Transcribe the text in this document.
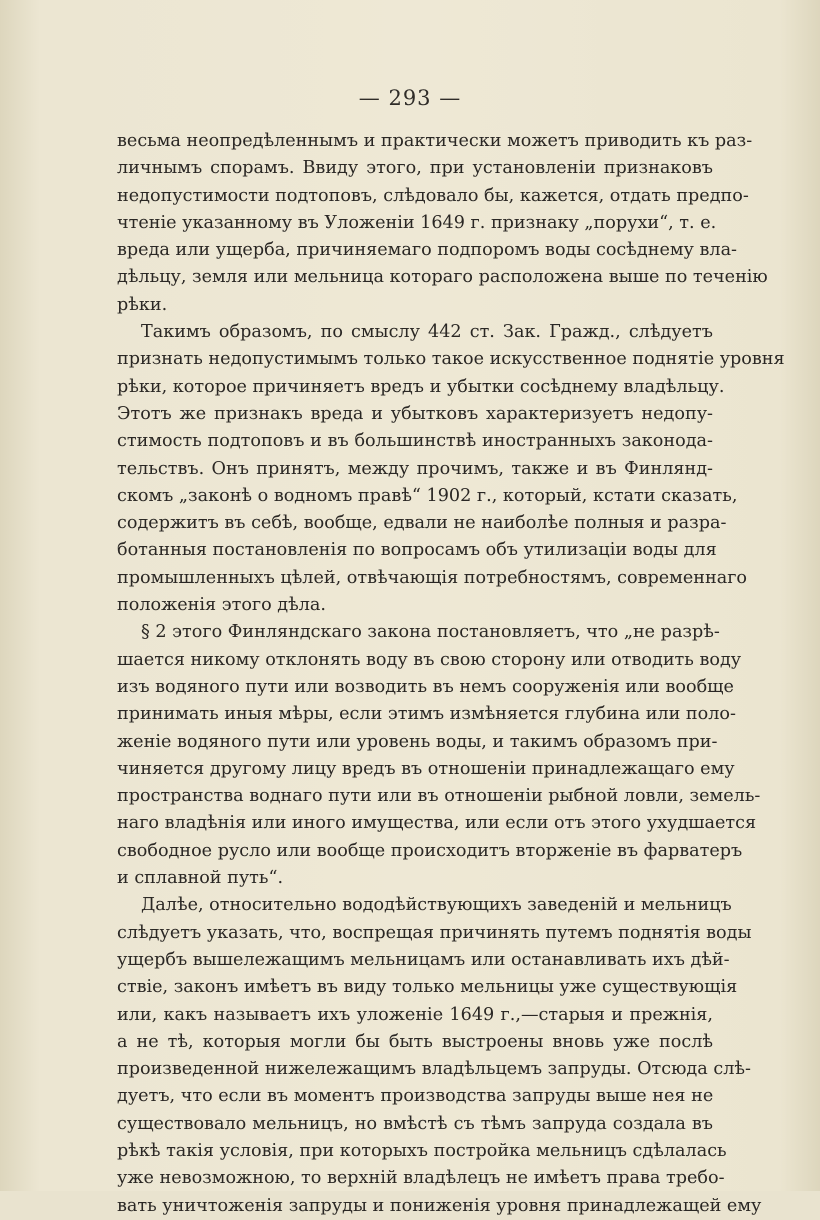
— 293 —
весьма неопредѣленнымъ и практически можетъ приводить къ раз-
личнымъ спорамъ. Ввиду этого, при установленіи признаковъ
недопустимости подтоповъ, слѣдовало бы, кажется, отдать предпо-
чтеніе указанному въ Уложеніи 1649 г. признаку „порухи“, т. е.
вреда или ущерба, причиняемаго подпоромъ воды сосѣднему вла-
дѣльцу, земля или мельница котораго расположена выше по теченію
рѣки.
Такимъ образомъ, по смыслу 442 ст. Зак. Гражд., слѣдуетъ
признать недопустимымъ только такое искусственное поднятіе уровня
рѣки, которое причиняетъ вредъ и убытки сосѣднему владѣльцу.
Этотъ же признакъ вреда и убытковъ характеризуетъ недопу-
стимость подтоповъ и въ большинствѣ иностранныхъ законода-
тельствъ. Онъ принятъ, между прочимъ, также и въ Финлянд-
скомъ „законѣ о водномъ правѣ“ 1902 г., который, кстати сказать,
содержитъ въ себѣ, вообще, едвали не наиболѣе полныя и разра-
ботанныя постановленія по вопросамъ объ утилизаціи воды для
промышленныхъ цѣлей, отвѣчающія потребностямъ, современнаго
положенія этого дѣла.
§ 2 этого Финляндскаго закона постановляетъ, что „не разрѣ-
шается никому отклонять воду въ свою сторону или отводить воду
изъ водяного пути или возводить въ немъ сооруженія или вообще
принимать иныя мѣры, если этимъ измѣняется глубина или поло-
женіе водяного пути или уровень воды, и такимъ образомъ при-
чиняется другому лицу вредъ въ отношеніи принадлежащаго ему
пространства воднаго пути или въ отношеніи рыбной ловли, земель-
наго владѣнія или иного имущества, или если отъ этого ухудшается
свободное русло или вообще происходитъ вторженіе въ фарватеръ
и сплавной путь“.
Далѣе, относительно вододѣйствующихъ заведеній и мельницъ
слѣдуетъ указать, что, воспрещая причинять путемъ поднятія воды
ущербъ вышележащимъ мельницамъ или останавливать ихъ дѣй-
ствіе, законъ имѣетъ въ виду только мельницы уже существующія
или, какъ называетъ ихъ уложеніе 1649 г.,—старыя и прежнія,
а не тѣ, которыя могли бы быть выстроены вновь уже послѣ
произведенной нижележащимъ владѣльцемъ запруды. Отсюда слѣ-
дуетъ, что если въ моментъ производства запруды выше нея не
существовало мельницъ, но вмѣстѣ съ тѣмъ запруда создала въ
рѣкѣ такія условія, при которыхъ постройка мельницъ сдѣлалась
уже невозможною, то верхній владѣлецъ не имѣетъ права требо-
вать уничтоженія запруды и пониженія уровня принадлежащей ему
